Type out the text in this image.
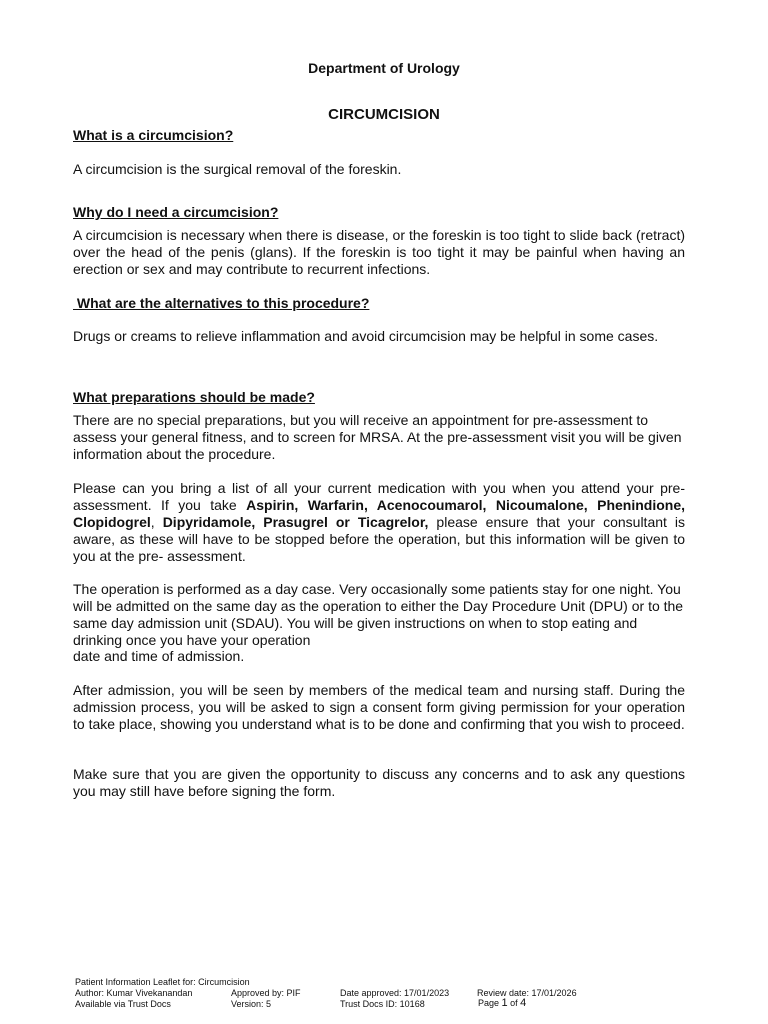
Department of Urology
CIRCUMCISION
What is a circumcision?
A circumcision is the surgical removal of the foreskin.
Why do I need a circumcision?
A circumcision is necessary when there is disease, or the foreskin is too tight to slide back (retract) over the head of the penis (glans). If the foreskin is too tight it may be painful when having an erection or sex and may contribute to recurrent infections.
What are the alternatives to this procedure?
Drugs or creams to relieve inflammation and avoid circumcision may be helpful in some cases.
What preparations should be made?
There are no special preparations, but you will receive an appointment for pre-assessment to assess your general fitness, and to screen for MRSA. At the pre-assessment visit you will be given information about the procedure.
Please can you bring a list of all your current medication with you when you attend your pre-assessment. If you take Aspirin, Warfarin, Acenocoumarol, Nicoumalone, Phenindione, Clopidogrel, Dipyridamole, Prasugrel or Ticagrelor, please ensure that your consultant is aware, as these will have to be stopped before the operation, but this information will be given to you at the pre- assessment.
The operation is performed as a day case. Very occasionally some patients stay for one night. You will be admitted on the same day as the operation to either the Day Procedure Unit (DPU) or to the same day admission unit (SDAU). You will be given instructions on when to stop eating and drinking once you have your operation
date and time of admission.
After admission, you will be seen by members of the medical team and nursing staff. During the admission process, you will be asked to sign a consent form giving permission for your operation to take place, showing you understand what is to be done and confirming that you wish to proceed.
Make sure that you are given the opportunity to discuss any concerns and to ask any questions you may still have before signing the form.
Patient Information Leaflet for: Circumcision
Author: Kumar Vivekanandan	Approved by: PIF	Date approved: 17/01/2023	Review date: 17/01/2026
Available via Trust Docs	Version: 5	Trust Docs ID: 10168	Page 1 of 4
